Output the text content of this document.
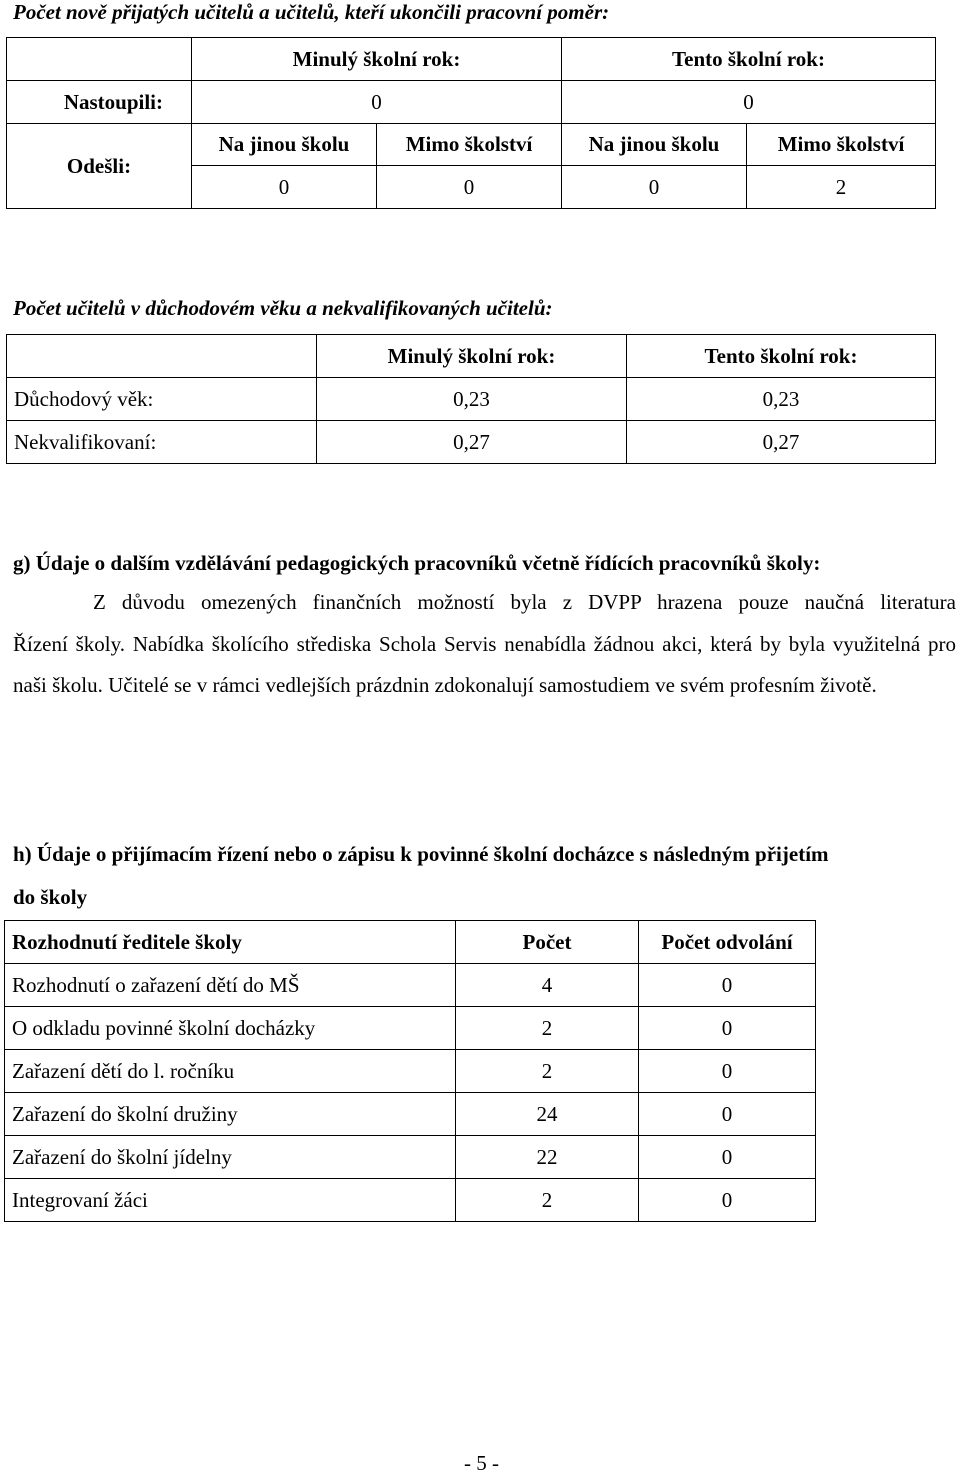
Počet nově přijatých učitelů a učitelů, kteří ukončili pracovní poměr:
	Minulý školní rok:		Tento školní rok:	
Nastoupili:	0		0	
Odešli:	Na jinou školu	Mimo školství	Na jinou školu	Mimo školství
	0	0	0	2
Počet učitelů v důchodovém věku a nekvalifikovaných učitelů:
	Minulý školní rok:	Tento školní rok:
Důchodový věk:	0,23	0,23
Nekvalifikovaní:	0,27	0,27
g) Údaje o dalším vzdělávání pedagogických pracovníků včetně řídících pracovníků školy:

Z důvodu omezených finančních možností byla z DVPP hrazena pouze naučná literatura

Řízení školy. Nabídka školícího střediska Schola Servis nenabídla žádnou akci, která by byla využitelná pro naši školu. Učitelé se v rámci vedlejších prázdnin zdokonalují samostudiem ve svém profesním životě.

h) Údaje o přijímacím řízení nebo o zápisu k povinné školní docházce s následným přijetím
do školy
Rozhodnutí ředitele školy	Počet	Počet odvolání
Rozhodnutí o zařazení dětí do MŠ	4	0
O odkladu povinné školní docházky	2	0
Zařazení dětí do l. ročníku	2	0
Zařazení do školní družiny	24	0
Zařazení do školní jídelny	22	0
Integrovaní žáci	2	0
- 5 -
